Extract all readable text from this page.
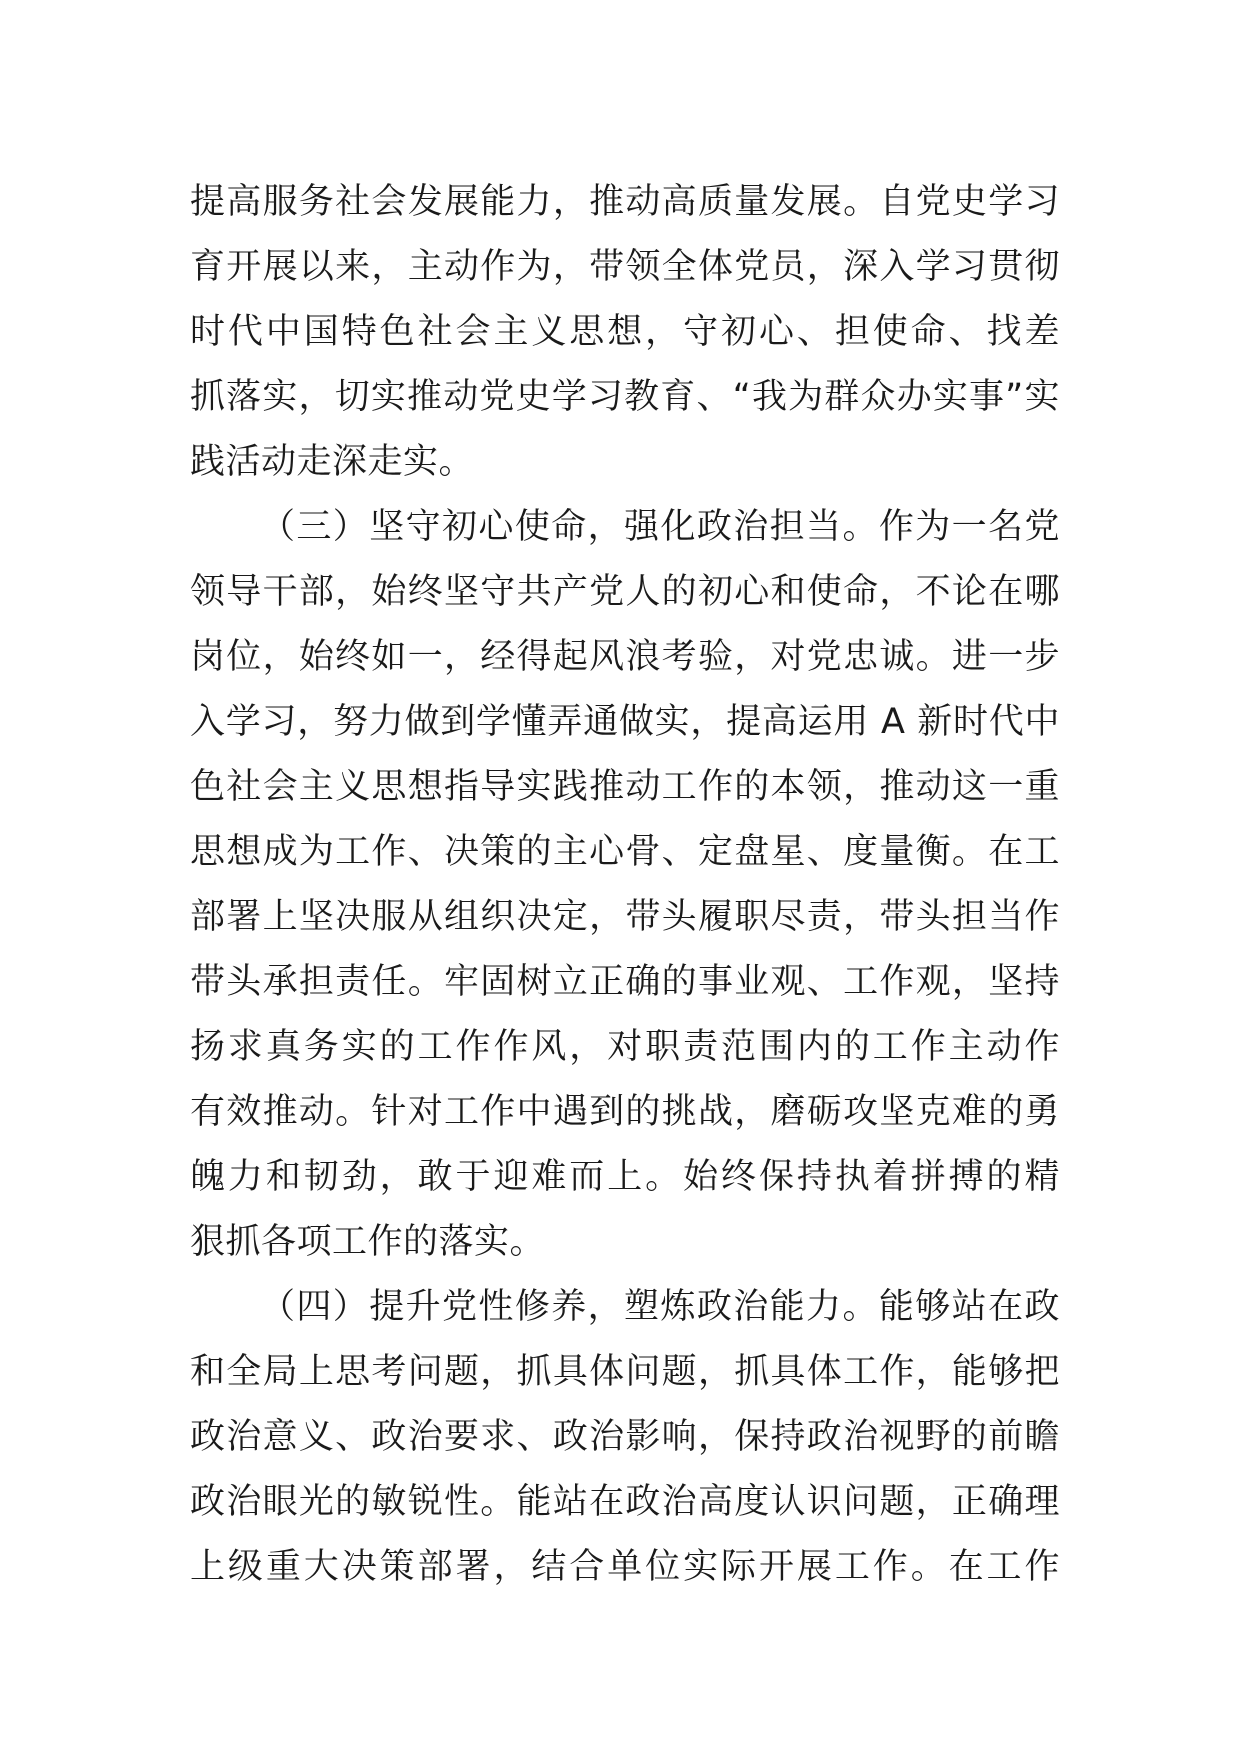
提高服务社会发展能力，推动高质量发展。自党史学习
育开展以来，主动作为，带领全体党员，深入学习贯彻
时代中国特色社会主义思想，守初心、担使命、找差
抓落实，切实推动党史学习教育、“我为群众办实事”实
践活动走深走实。
（三）坚守初心使命，强化政治担当。作为一名党
领导干部，始终坚守共产党人的初心和使命，不论在哪
岗位，始终如一，经得起风浪考验，对党忠诚。进一步
入学习，努力做到学懂弄通做实，提高运用 A 新时代中
色社会主义思想指导实践推动工作的本领，推动这一重
思想成为工作、决策的主心骨、定盘星、度量衡。在工
部署上坚决服从组织决定，带头履职尽责，带头担当作
带头承担责任。牢固树立正确的事业观、工作观，坚持
扬求真务实的工作作风，对职责范围内的工作主动作
有效推动。针对工作中遇到的挑战，磨砺攻坚克难的勇
魄力和韧劲，敢于迎难而上。始终保持执着拼搏的精
狠抓各项工作的落实。
（四）提升党性修养，塑炼政治能力。能够站在政
和全局上思考问题，抓具体问题，抓具体工作，能够把
政治意义、政治要求、政治影响，保持政治视野的前瞻
政治眼光的敏锐性。能站在政治高度认识问题，正确理
上级重大决策部署，结合单位实际开展工作。在工作
